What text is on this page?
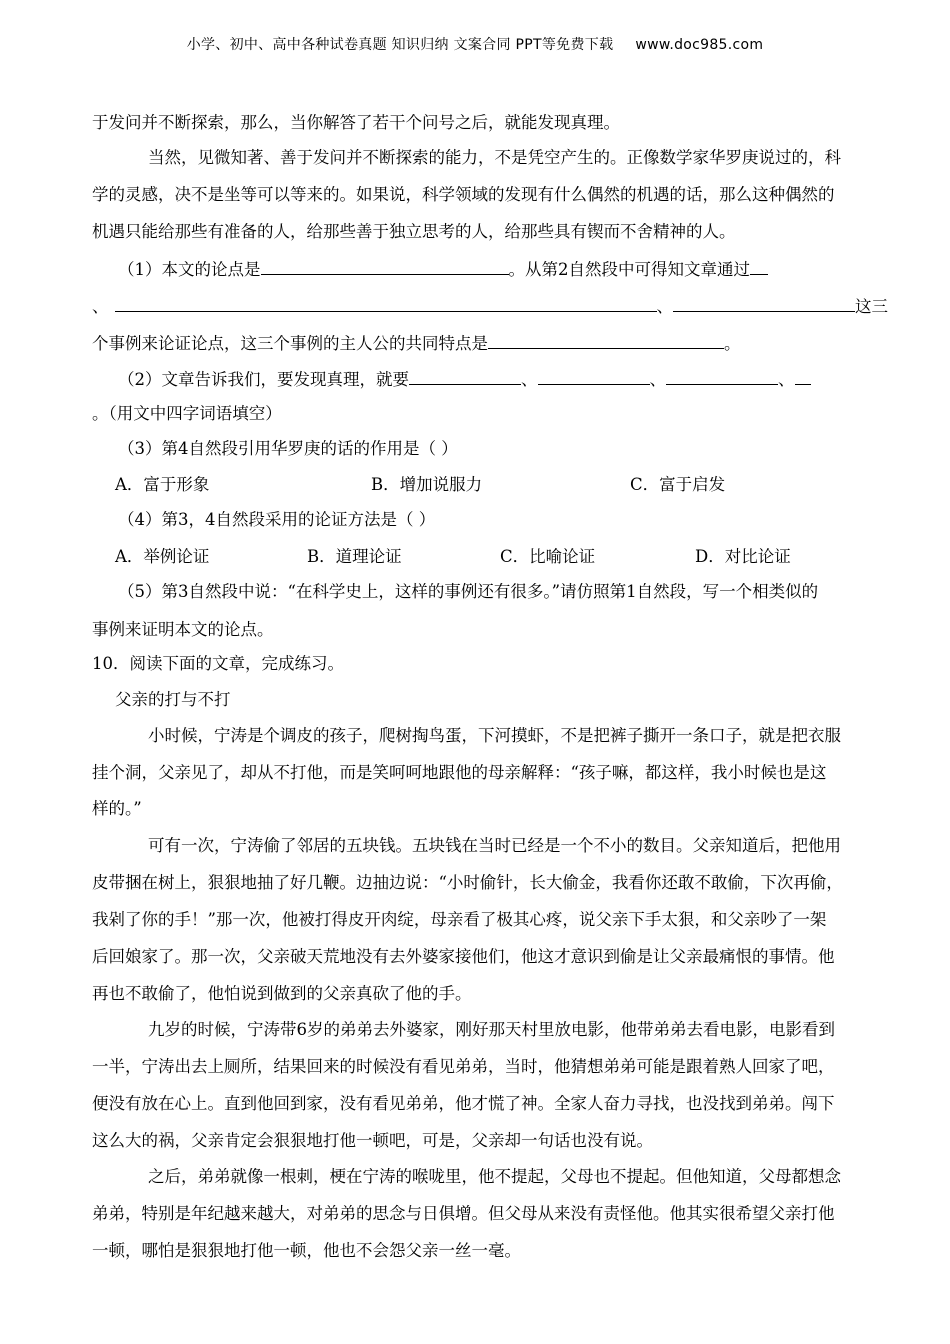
小学、初中、高中各种试卷真题 知识归纳 文案合同 PPT等免费下载 www.doc985.com
于发问并不断探索，那么，当你解答了若干个问号之后，就能发现真理。
当然，见微知著、善于发问并不断探索的能力，不是凭空产生的。正像数学家华罗庚说过的，科
学的灵感，决不是坐等可以等来的。如果说，科学领域的发现有什么偶然的机遇的话，那么这种偶然的
机遇只能给那些有准备的人，给那些善于独立思考的人，给那些具有锲而不舍精神的人。
（1）本文的论点是	。从第2自然段中可得知文章通过
、	、	这三
个事例来论证论点，这三个事例的主人公的共同特点是	。
（2）文章告诉我们，要发现真理，就要	、	、	、
。（用文中四字词语填空）
（3）第4自然段引用华罗庚的话的作用是（ ）
A．富于形象	B．增加说服力	C．富于启发
（4）第3，4自然段采用的论证方法是（ ）
A．举例论证	B．道理论证	C．比喻论证	D．对比论证
（5）第3自然段中说：“在科学史上，这样的事例还有很多。”请仿照第1自然段，写一个相类似的
事例来证明本文的论点。
10．阅读下面的文章，完成练习。
父亲的打与不打
小时候，宁涛是个调皮的孩子，爬树掏鸟蛋，下河摸虾，不是把裤子撕开一条口子，就是把衣服
挂个洞，父亲见了，却从不打他，而是笑呵呵地跟他的母亲解释：“孩子嘛，都这样，我小时候也是这
样的。”
可有一次，宁涛偷了邻居的五块钱。五块钱在当时已经是一个不小的数目。父亲知道后，把他用
皮带捆在树上，狠狠地抽了好几鞭。边抽边说：“小时偷针，长大偷金，我看你还敢不敢偷，下次再偷，
我剁了你的手！”那一次，他被打得皮开肉绽，母亲看了极其心疼，说父亲下手太狠，和父亲吵了一架
后回娘家了。那一次，父亲破天荒地没有去外婆家接他们，他这才意识到偷是让父亲最痛恨的事情。他
再也不敢偷了，他怕说到做到的父亲真砍了他的手。
九岁的时候，宁涛带6岁的弟弟去外婆家，刚好那天村里放电影，他带弟弟去看电影，电影看到
一半，宁涛出去上厕所，结果回来的时候没有看见弟弟，当时，他猜想弟弟可能是跟着熟人回家了吧，
便没有放在心上。直到他回到家，没有看见弟弟，他才慌了神。全家人奋力寻找，也没找到弟弟。闯下
这么大的祸，父亲肯定会狠狠地打他一顿吧，可是，父亲却一句话也没有说。
之后，弟弟就像一根刺，梗在宁涛的喉咙里，他不提起，父母也不提起。但他知道，父母都想念
弟弟，特别是年纪越来越大，对弟弟的思念与日俱增。但父母从来没有责怪他。他其实很希望父亲打他
一顿，哪怕是狠狠地打他一顿，他也不会怨父亲一丝一毫。
